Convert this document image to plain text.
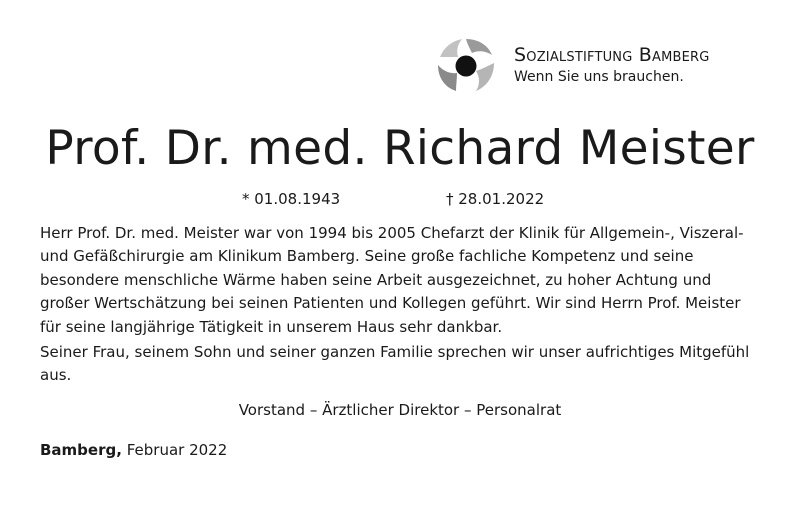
Sozialstiftung Bamberg
Wenn Sie uns brauchen.
Prof. Dr. med. Richard Meister
* 01.08.1943	† 28.01.2022
Herr Prof. Dr. med. Meister war von 1994 bis 2005 Chefarzt der Klinik für Allgemein-, Viszeral- und Gefäßchirurgie am Klinikum Bamberg. Seine große fachliche Kompetenz und seine besondere menschliche Wärme haben seine Arbeit ausgezeichnet, zu hoher Achtung und großer Wertschätzung bei seinen Patienten und Kollegen geführt. Wir sind Herrn Prof. Meister für seine langjährige Tätigkeit in unserem Haus sehr dankbar.
Seiner Frau, seinem Sohn und seiner ganzen Familie sprechen wir unser aufrichtiges Mitgefühl aus.
Vorstand – Ärztlicher Direktor – Personalrat
Bamberg, Februar 2022
